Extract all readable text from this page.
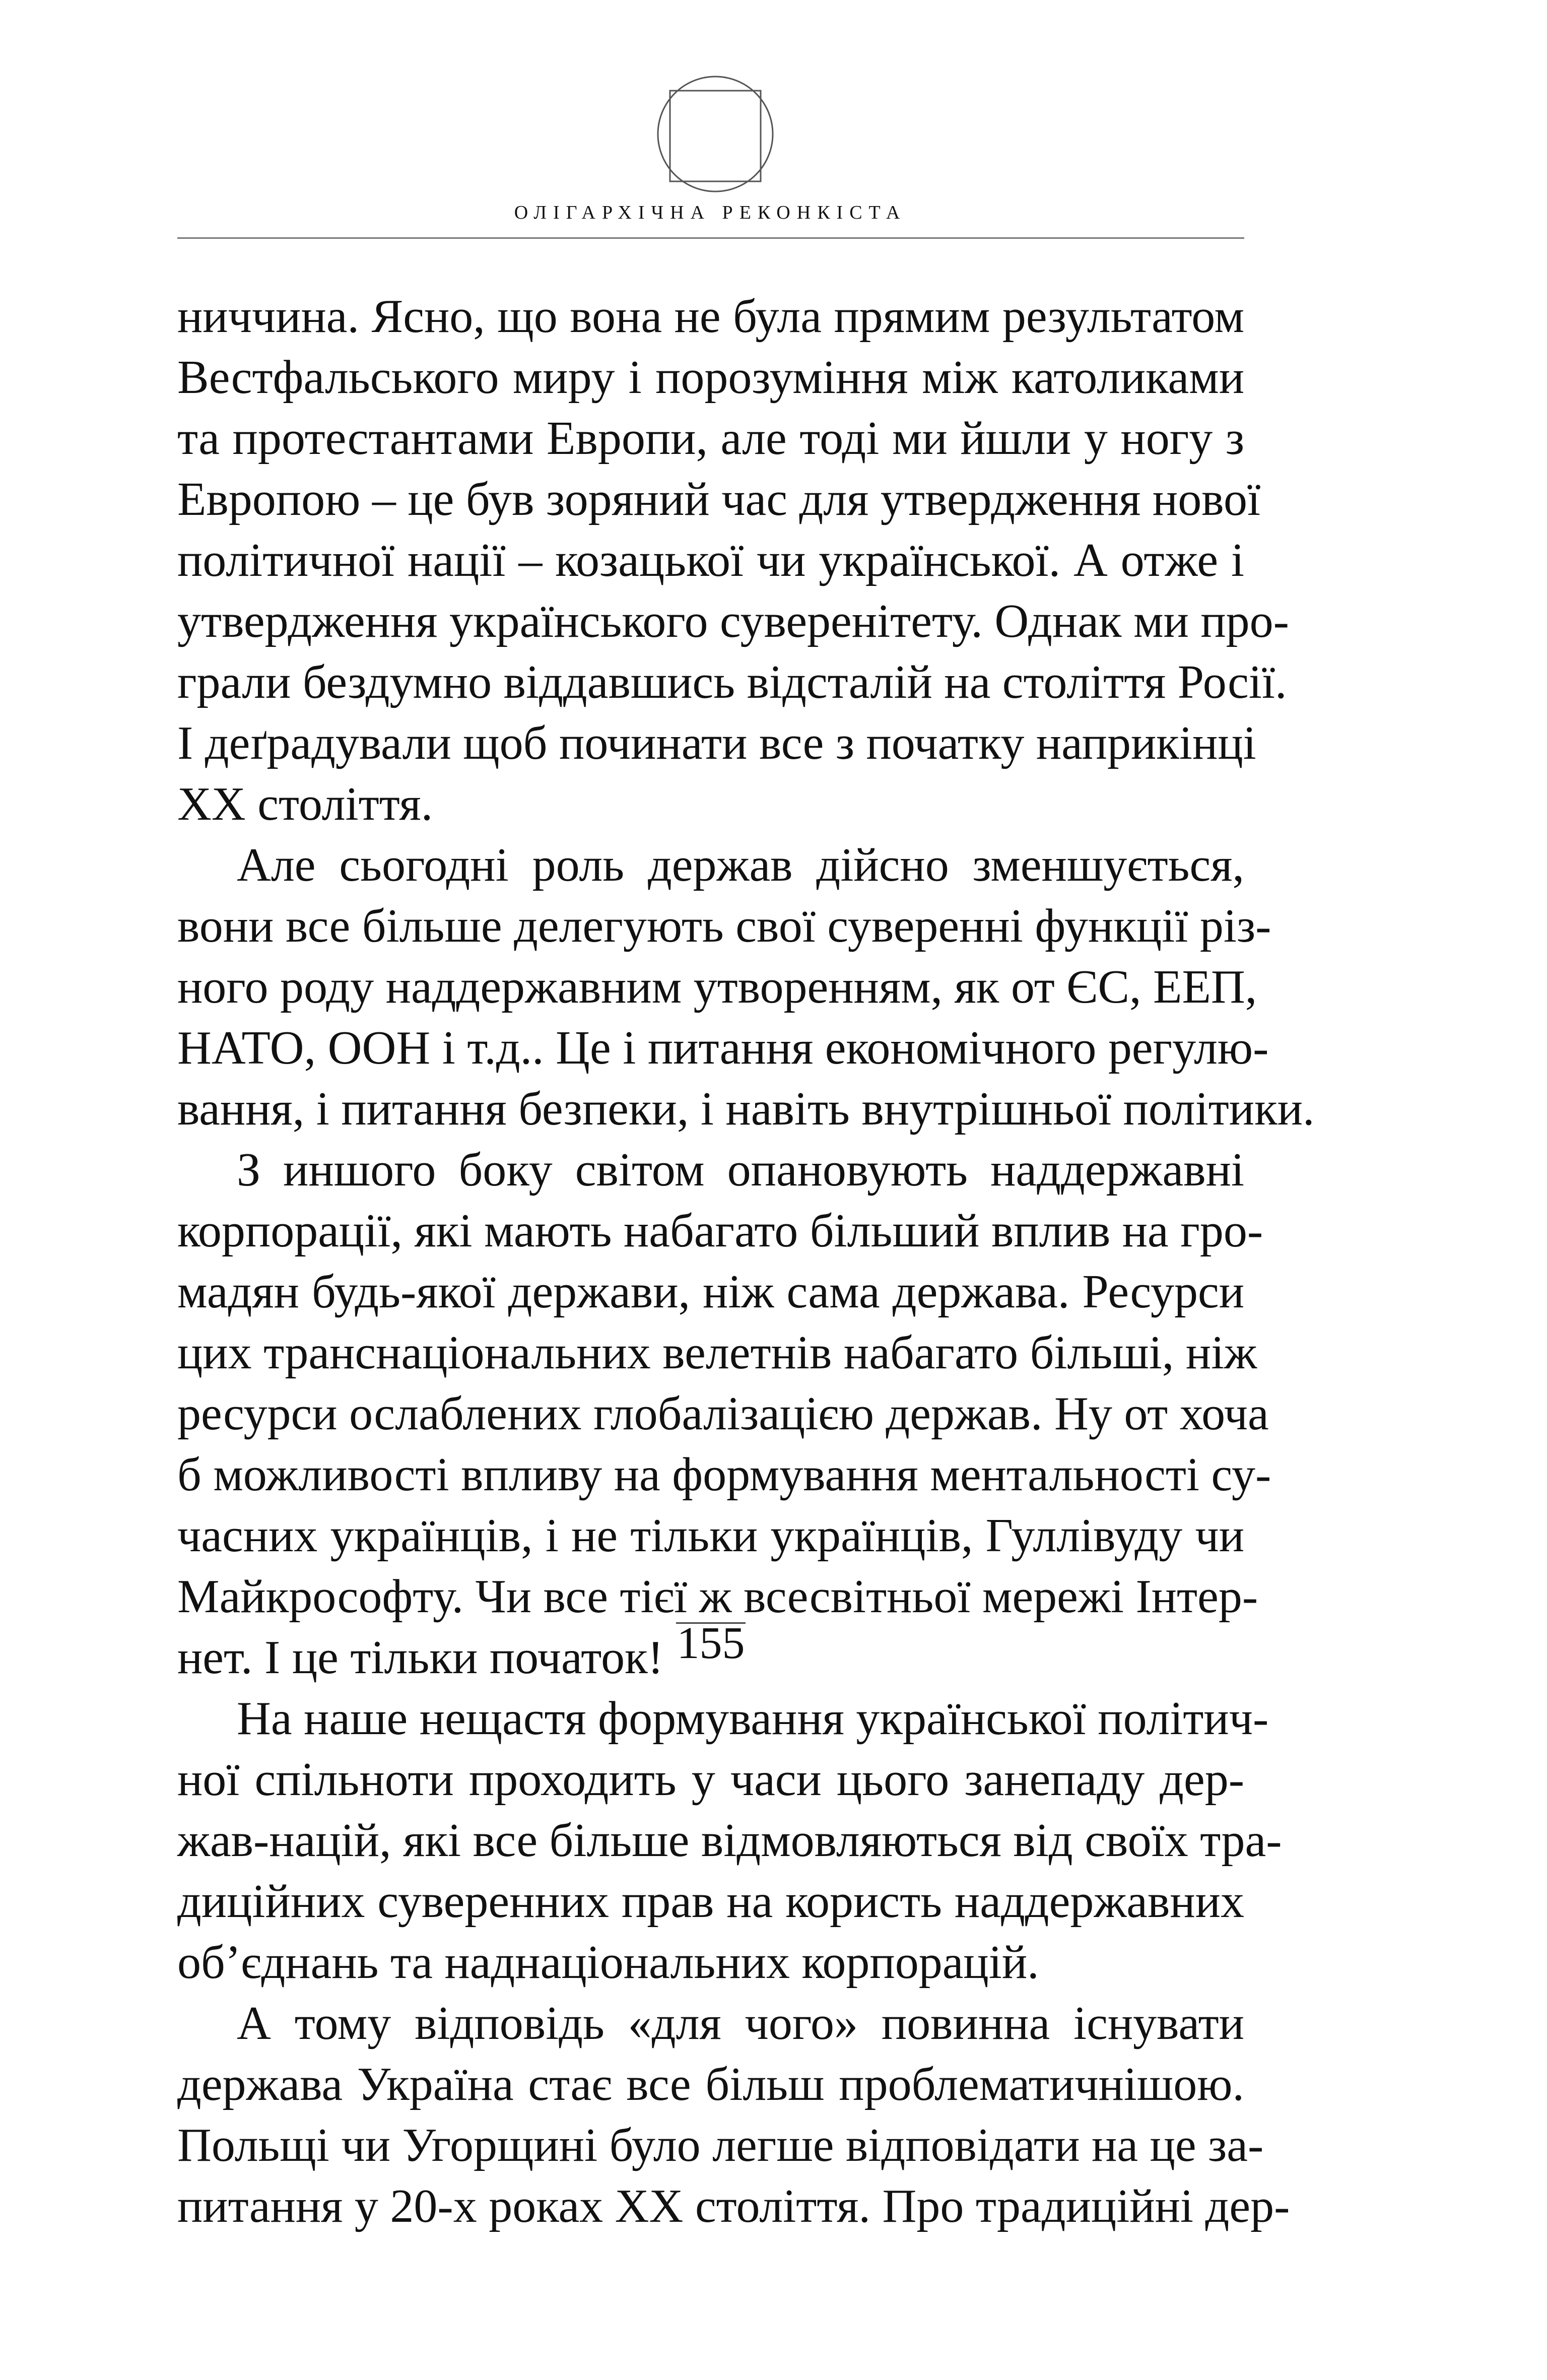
ОЛІГАРХІЧНА РЕКОНКІСТА
ниччина. Ясно, що вона не була прямим результатом
Вестфальського миру і порозуміння між католиками
та протестантами Европи, але тоді ми йшли у ногу з
Европою – це був зоряний час для утвердження нової
політичної нації – козацької чи української. А отже і
утвердження українського суверенітету. Однак ми про-
грали бездумно віддавшись відсталій на століття Росії.
І деґрадували щоб починати все з початку наприкінці
ХХ століття.
Але сьогодні роль держав дійсно зменшується,
вони все більше делегують свої суверенні функції різ-
ного роду наддержавним утворенням, як от ЄС, ЕЕП,
НАТО, ООН і т.д.. Це і питання економічного регулю-
вання, і питання безпеки, і навіть внутрішньої політики.
З иншого боку світом опановують наддержавні
корпорації, які мають набагато більший вплив на гро-
мадян будь-якої держави, ніж сама держава. Ресурси
цих транснаціональних велетнів набагато більші, ніж
ресурси ослаблених глобалізацією держав. Ну от хоча
б можливості впливу на формування ментальності су-
часних українців, і не тільки українців, Гуллівуду чи
Майкрософту. Чи все тієї ж всесвітньої мережі Інтер-
нет. І це тільки початок!
На наше нещастя формування української політич-
ної спільноти проходить у часи цього занепаду дер-
жав-націй, які все більше відмовляються від своїх тра-
диційних суверенних прав на користь наддержавних
об’єднань та наднаціональних корпорацій.
А тому відповідь «для чого» повинна існувати
держава Україна стає все більш проблематичнішою.
Польщі чи Угорщині було легше відповідати на це за-
питання у 20-х роках ХХ століття. Про традиційні дер-
155
